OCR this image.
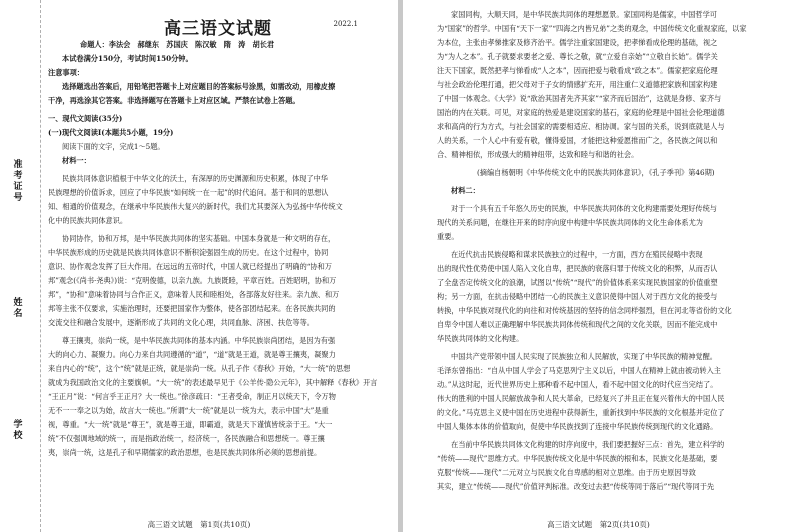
准考证号
姓名
学校
高三语文试题	2022.1
命题人：李法会　郝继东　苏国庆　陈汉敏　隋　涛　胡长君
本试卷满分150分，考试时间150分钟。
注意事项：
选择题选出答案后，用铅笔把答题卡上对应题目的答案标号涂黑，如需改动，用橡皮擦
干净，再选涂其它答案。非选择题写在答题卡上对应区域。严禁在试卷上答题。
一、现代文阅读(35分)
(一)现代文阅读Ⅰ(本题共5小题，19分)
阅读下面的文字，完成1～5题。
材料一：
民族共同体意识植根于中华文化的沃土，有深厚的历史渊源和历史积累，体现了中华
民族理想的价值诉求，回应了中华民族“如何统一在一起”的时代追问。基于和同的思想认
知、相通的价值观念，在继承中华民族伟大复兴的新时代，我们尤其要深入为弘扬中华传统文
化中的民族共同体意识。
协同协作，协和万邦，是中华民族共同体的坚实基础。中国本身就是一种文明的存在，
中华民族形成的历史就是民族共同体意识不断积淀强固生成的历史。在这个过程中，协同
意识、协作观念发挥了巨大作用。在远远的五帝时代，中国人就已经提出了明确的“协和万
邦”观念(《尚书·尧典》)说：“克明俊德，以亲九族。九族既睦，平章百姓。百姓昭明，协和万
邦”，“协和”意味着协同与合作正义，意味着人民和睦相处，各部落友好往来。亲九族、和万
邦等主张不仅要求，实施治理时，还要把国家作为整体，使各部团结起来。在各民族共同的
交流交往和融合发展中，逐渐形成了共同的文化心理，共同血脉、济困、扶危等等。
尊王攘夷，崇尚一统，是中华民族共同体的基本内涵。中华民族崇尚团结，是因为有强
大的向心力、凝聚力。向心力来自共同遵循的“道”，“道”就是王道，就是尊王攘夷，凝聚力
来自内心的“统”，这个“统”就是正统，就是崇尚一统。从孔子作《春秋》开始，“大一统”的思想
就成为我国政治文化的主要旗帜。“大一统”的表述最早见于《公羊传·隐公元年》，其中解释《春秋》开言
“王正月”说：“何言乎王正月？大一统也。”徐彦疏曰：“王者受命，制正月以统天下，令万物
无不一一奉之以为始，故言大一统也。”所谓“大一统”就是以一统为大，表示中国“大”是重
视，尊重。“大一统”就是“尊王”，就是尊王道，即霸道，就是天下谨慎皆统亲于王。“大一
统”不仅强调地域的统一，而是指政治统一，经济统一，各民族融合和思想统一。尊王攘
夷，崇尚一统，这是孔子和早期儒家的政治思想，也是民族共同体所必须的思想前提。
高三语文试题　第1页(共10页)
家国同构，大顺天同，是中华民族共同体的理想愿景。家国同构是儒家，中国哲学可
为“国家”的哲学。中国有“天下一家”“四海之内皆兄弟”之类的观念，中国传统文化重视家庭，以家
为本位，主张由孝悌推家及修齐治平。儒学注重家国建设，把孝悌看成伦理的基础，视之
为“为人之本”。孔子就要求要老之爱、尊长之敬，就“立爱自亲始”“立敬自长始”。儒学关
注天下国家，既然把孝与悌看成“人之本”，因而把爱与敬看成“政之本”。儒家把家庭伦理
与社会政治伦理打通，把父母对于子女的情感扩充开，用注重仁义道德把家族和国家构建
了中国一体观念。《大学》说“欲治其国者先齐其家”“家齐而后国治”，这就是身修、家齐与
国治的内在关联。可见，对家庭的热爱是建设国家的基石，家庭的伦理是中国社会伦理道德
求和高尚的行为方式，与社会国家的需要相适应、相协调。家与国的关系，说到底就是人与
人的关系，一个人心中有爱有敬，懂得爱国，才能把这种爱愿推而广之，各民族之间以和
合、精神相依，形成强大的精神纽带，达致和睦与和谐的社会。
(摘编自杨朝明《中华传统文化中的民族共同体意识》，《孔子季刊》第46期)
材料二：
对于一个具有五千年悠久历史的民族，中华民族共同体的文化构建需要处理好传统与
现代的关系问题，在继往开来的时序向度中构建中华民族共同体的文化生命体系尤为
重要。
在近代抗击民族侵略和谋求民族独立的过程中，一方面，西方在殖民侵略中表现
出的现代性优势使中国人陷入文化自卑，把民族的衰落归罪于传统文化的积弊，从而否认
了全盘否定传统文化的浪潮，试图以“传统”“现代”的价值体系来实现民族国家的价值重塑
构；另一方面，在抗击侵略中团结一心的民族主义意识使得中国人对于西方文化的接受与
转换，中华民族对现代化的向往和对传统基因的坚持的信念同样强烈，但在河北等省份的文化
自卑令中国人难以正确理解中华民族共同体传统和现代之间的文化关联，因而不能完成中
华民族共同体的文化构建。
中国共产党带领中国人民实现了民族独立和人民解放，实现了中华民族的精神觉醒。
毛泽东曾指出：“自从中国人学会了马克思列宁主义以后，中国人在精神上就由被动转入主
动。”从这时起，近代世界历史上那种看不起中国人，看不起中国文化的时代应当完结了。
伟大的胜利的中国人民解放战争和人民大革命，已经复兴了并且正在复兴着伟大的中国人民
的文化。”马克思主义使中国在历史进程中获得新生，重新找到中华民族的文化根基并定位了
中国人集体本体的价值取向，促使中华民族找到了连接中华民族传统到现代的文化通路。
在当前中华民族共同体文化构建的时序向度中，我们要把握好三点：首先，建立科学的
“传统——现代”思维方式。中华民族传统文化是中华民族的根和本，民族文化是基础，要
克服“传统——现代”二元对立与民族文化自卑感的相对立思维。由于历史原因导致
其实，建立“传统——现代”价值评判标准。改变过去把“传统等同于落后”“现代等同于先
高三语文试题　第2页(共10页)
